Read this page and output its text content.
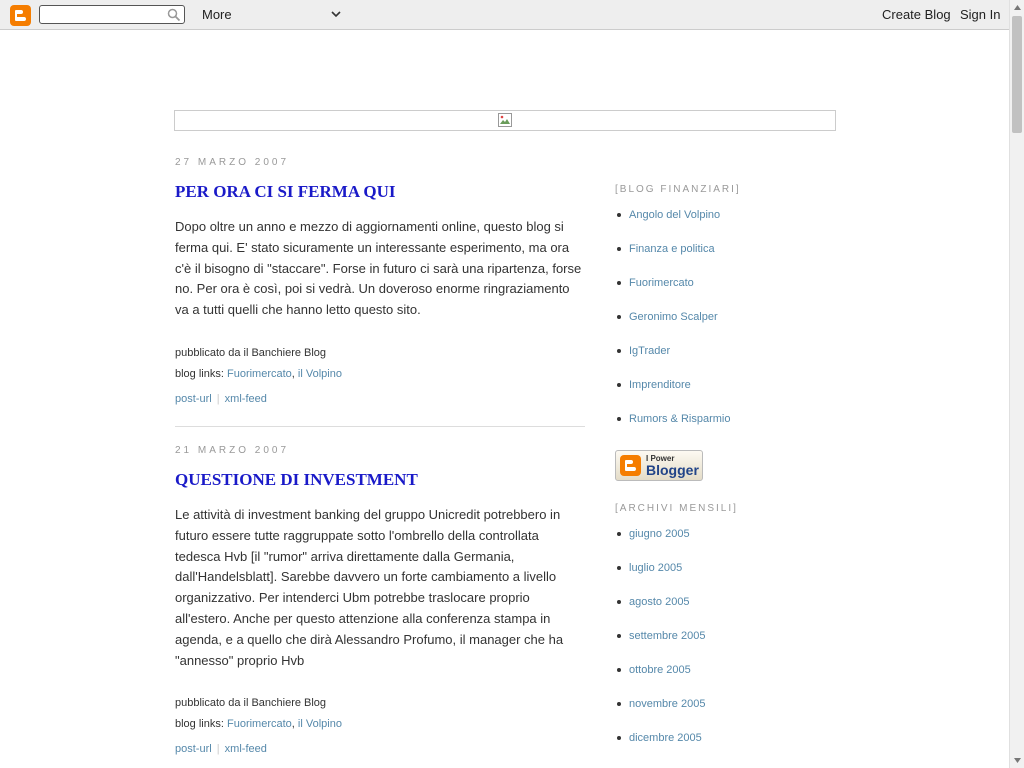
More	Create Blog Sign In
27 MARZO 2007
PER ORA CI SI FERMA QUI
Dopo oltre un anno e mezzo di aggiornamenti online, questo blog si ferma qui. E' stato sicuramente un interessante esperimento, ma ora c'è il bisogno di "staccare". Forse in futuro ci sarà una ripartenza, forse no. Per ora è così, poi si vedrà. Un doveroso enorme ringraziamento va a tutti quelli che hanno letto questo sito.
pubblicato da il Banchiere Blog
blog links: Fuorimercato, il Volpino
post-url | xml-feed
21 MARZO 2007
QUESTIONE DI INVESTMENT
Le attività di investment banking del gruppo Unicredit potrebbero in futuro essere tutte raggruppate sotto l'ombrello della controllata tedesca Hvb [il "rumor" arriva direttamente dalla Germania, dall'Handelsblatt]. Sarebbe davvero un forte cambiamento a livello organizzativo. Per intenderci Ubm potrebbe traslocare proprio all'estero. Anche per questo attenzione alla conferenza stampa in agenda, e a quello che dirà Alessandro Profumo, il manager che ha "annesso" proprio Hvb
pubblicato da il Banchiere Blog
blog links: Fuorimercato, il Volpino
post-url | xml-feed
[BLOG FINANZIARI]
Angolo del Volpino
Finanza e politica
Fuorimercato
Geronimo Scalper
IgTrader
Imprenditore
Rumors & Risparmio
I Power
Blogger
[ARCHIVI MENSILI]
giugno 2005
luglio 2005
agosto 2005
settembre 2005
ottobre 2005
novembre 2005
dicembre 2005
